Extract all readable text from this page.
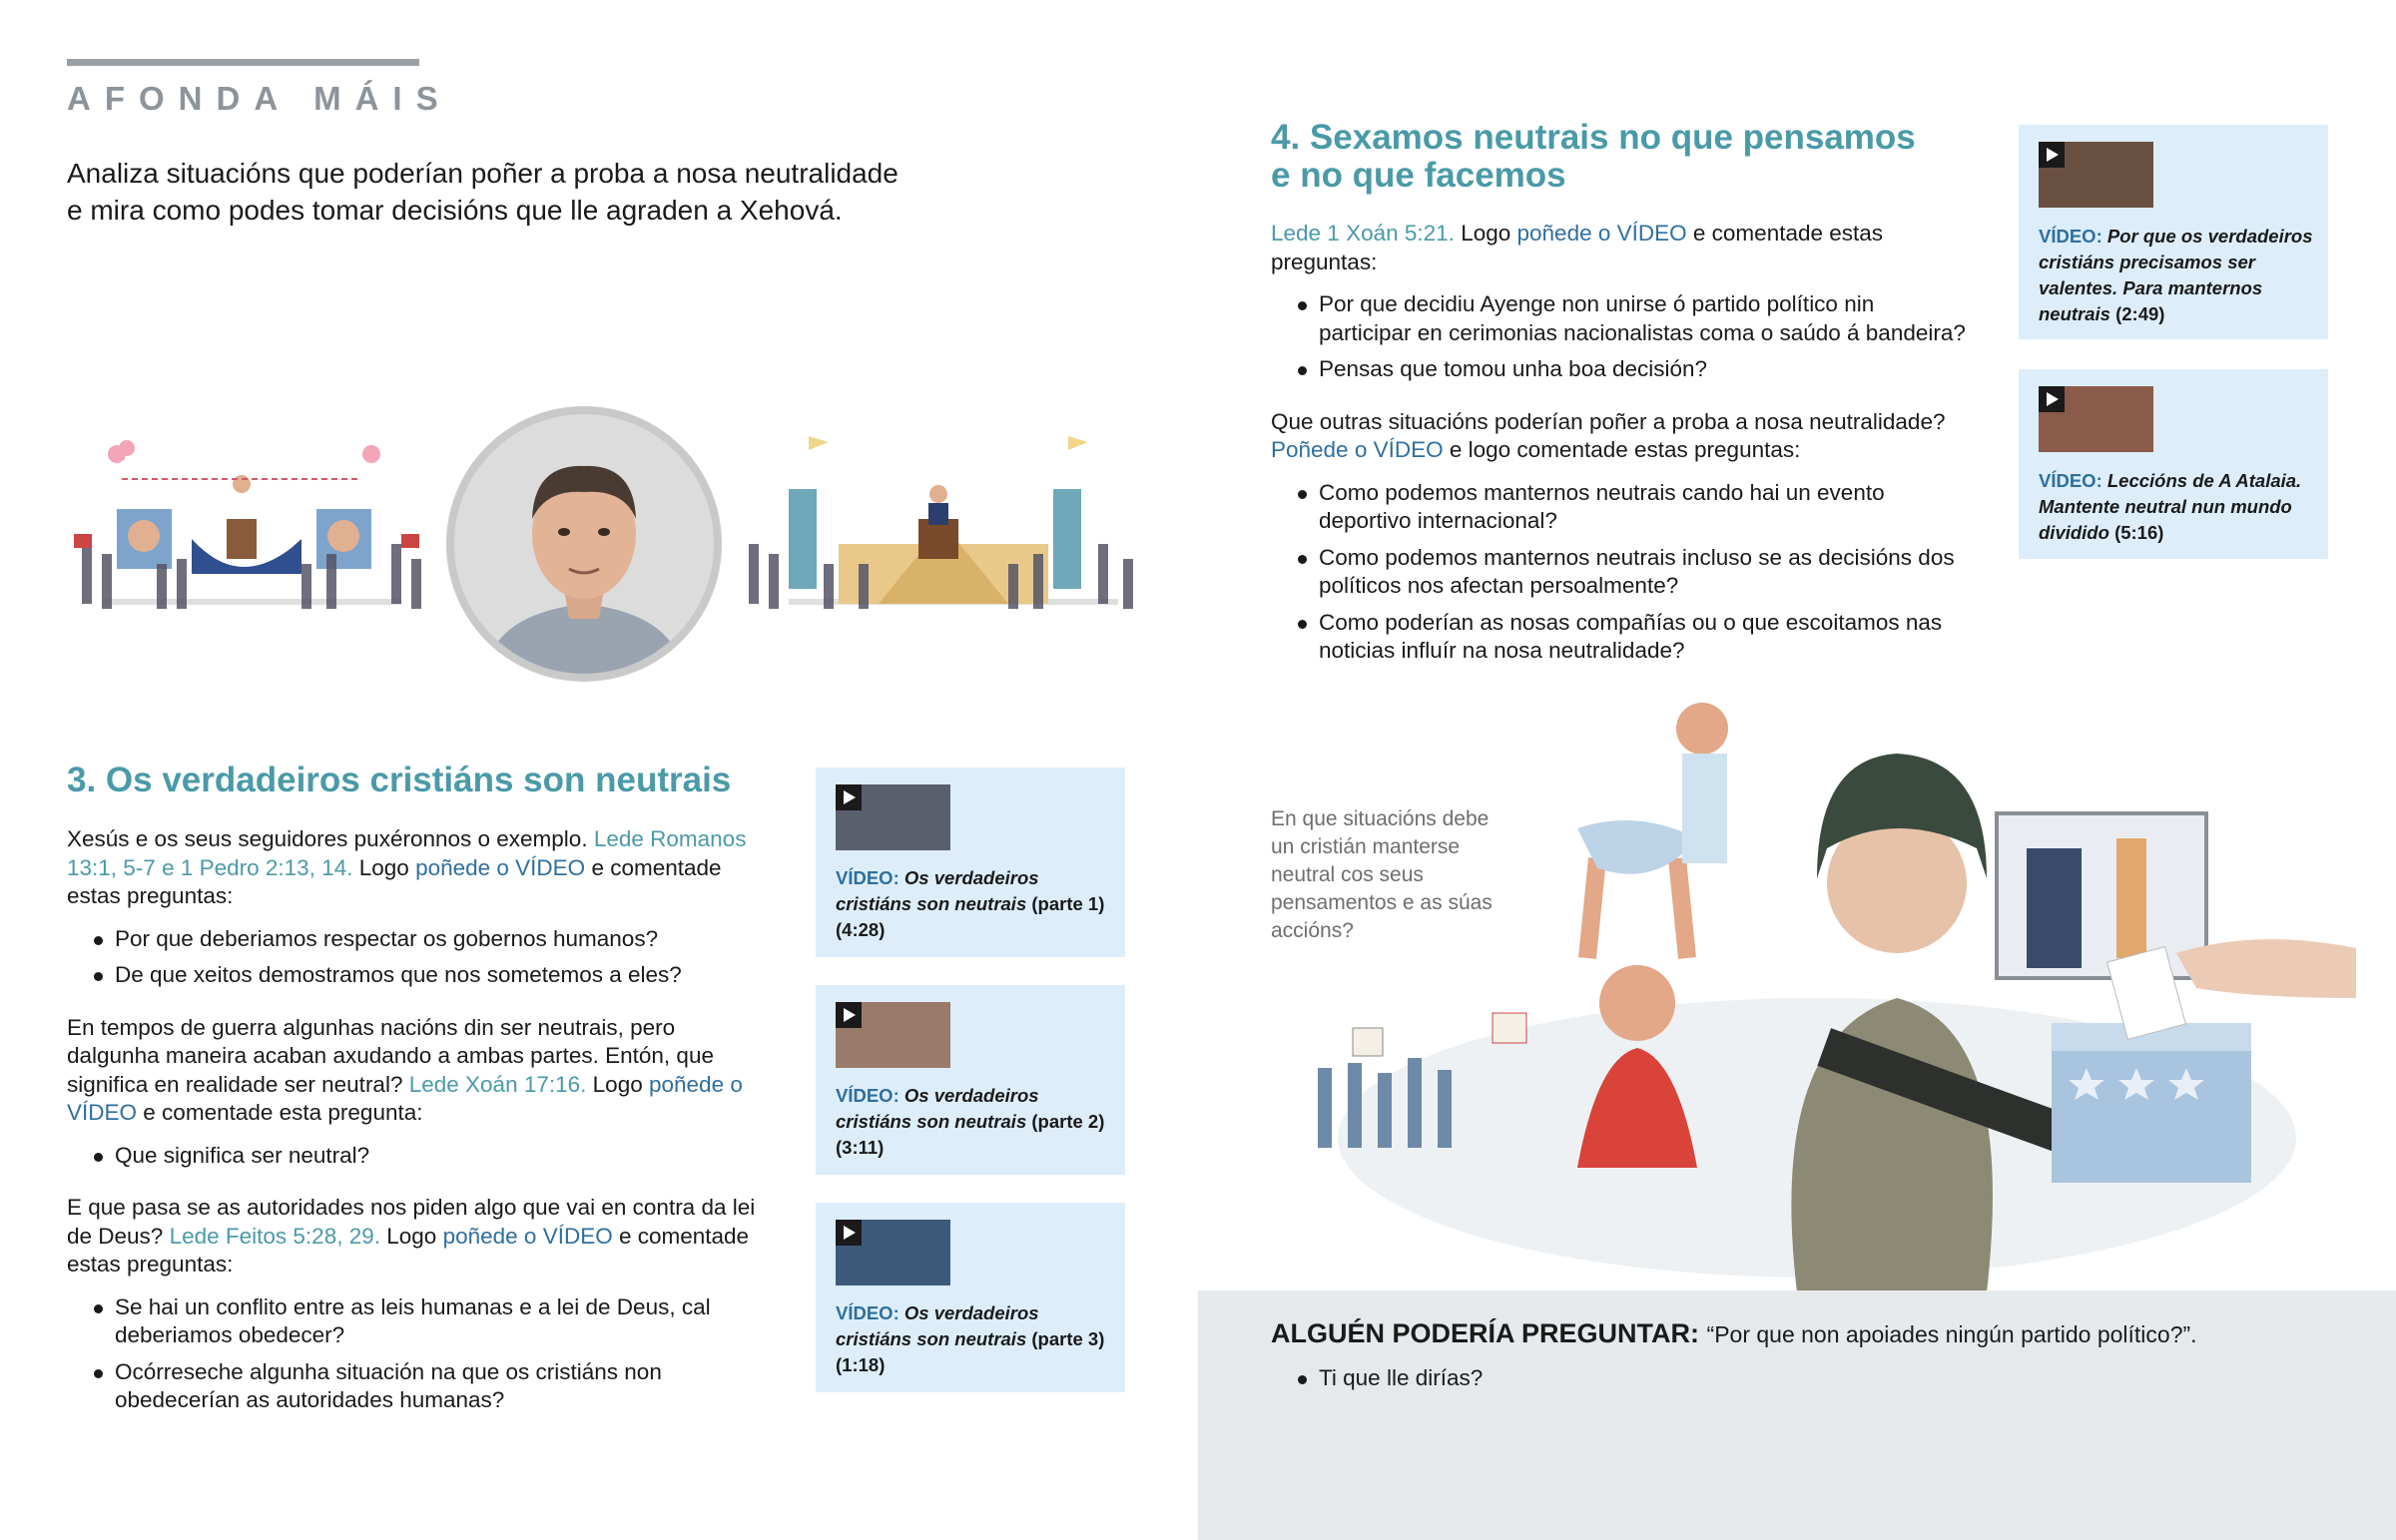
AFONDA MÁIS
Analiza situacións que poderían poñer a proba a nosa neutralidade
e mira como podes tomar decisións que lle agraden a Xehová.
3. Os verdadeiros cristiáns son neutrais

Xesús e os seus seguidores puxéronnos o exemplo. Lede Romanos 13:1, 5-7 e 1 Pedro 2:13, 14. Logo poñede o VÍDEO e comentade estas preguntas:

Por que deberiamos respectar os gobernos humanos?
De que xeitos demostramos que nos sometemos a eles?

En tempos de guerra algunhas nacións din ser neutrais, pero dalgunha maneira acaban axudando a ambas partes. Entón, que significa en realidade ser neutral? Lede Xoán 17:16. Logo poñede o VÍDEO e comentade esta pregunta:

Que significa ser neutral?

E que pasa se as autoridades nos piden algo que vai en contra da lei de Deus? Lede Feitos 5:28, 29. Logo poñede o VÍDEO e comentade estas preguntas:

Se hai un conflito entre as leis humanas e a lei de Deus, cal deberiamos obedecer?
Ocórreseche algunha situación na que os cristiáns non obedecerían as autoridades humanas?
VÍDEO: Os verdadeiros cristiáns son neutrais (parte 1) (4:28)
VÍDEO: Os verdadeiros cristiáns son neutrais (parte 2) (3:11)
VÍDEO: Os verdadeiros cristiáns son neutrais (parte 3) (1:18)
4. Sexamos neutrais no que pensamos
e no que facemos

Lede 1 Xoán 5:21. Logo poñede o VÍDEO e comentade estas preguntas:

Por que decidiu Ayenge non unirse ó partido político nin participar en cerimonias nacionalistas coma o saúdo á bandeira?
Pensas que tomou unha boa decisión?

Que outras situacións poderían poñer a proba a nosa neutralidade? Poñede o VÍDEO e logo comentade estas preguntas:

Como podemos manternos neutrais cando hai un evento deportivo internacional?
Como podemos manternos neutrais incluso se as decisións dos políticos nos afectan persoalmente?
Como poderían as nosas compañías ou o que escoitamos nas noticias influír na nosa neutralidade?
VÍDEO: Por que os verdadeiros cristiáns precisamos ser valentes. Para manternos neutrais (2:49)
VÍDEO: Leccións de A Atalaia. Mantente neutral nun mundo dividido (5:16)
En que situacións debe un cristián manterse neutral cos seus pensamentos e as súas accións?
ALGUÉN PODERÍA PREGUNTAR: “Por que non apoiades ningún partido político?”.
Ti que lle dirías?
